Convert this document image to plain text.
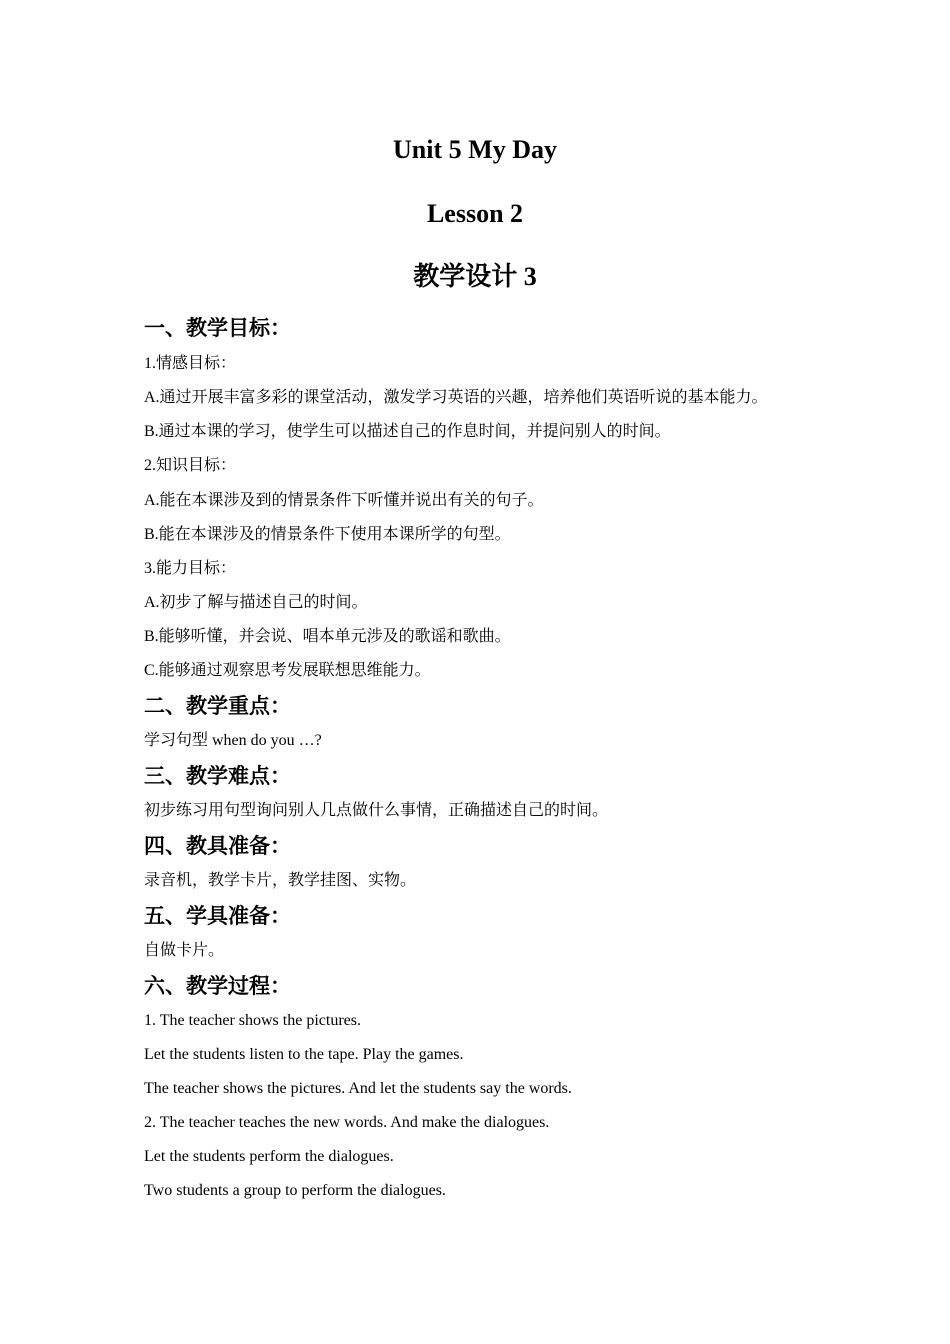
Unit 5 My Day
Lesson 2
教学设计 3
一、教学目标：

1.情感目标：

A.通过开展丰富多彩的课堂活动，激发学习英语的兴趣，培养他们英语听说的基本能力。

B.通过本课的学习，使学生可以描述自己的作息时间，并提问别人的时间。

2.知识目标：

A.能在本课涉及到的情景条件下听懂并说出有关的句子。

B.能在本课涉及的情景条件下使用本课所学的句型。

3.能力目标：

A.初步了解与描述自己的时间。

B.能够听懂，并会说、唱本单元涉及的歌谣和歌曲。

C.能够通过观察思考发展联想思维能力。

二、教学重点：

学习句型 when do you …?

三、教学难点：

初步练习用句型询问别人几点做什么事情，正确描述自己的时间。

四、教具准备：

录音机，教学卡片，教学挂图、实物。

五、学具准备：

自做卡片。

六、教学过程：

1. The teacher shows the pictures.

Let the students listen to the tape. Play the games.

The teacher shows the pictures. And let the students say the words.

2. The teacher teaches the new words. And make the dialogues.

Let the students perform the dialogues.

Two students a group to perform the dialogues.
